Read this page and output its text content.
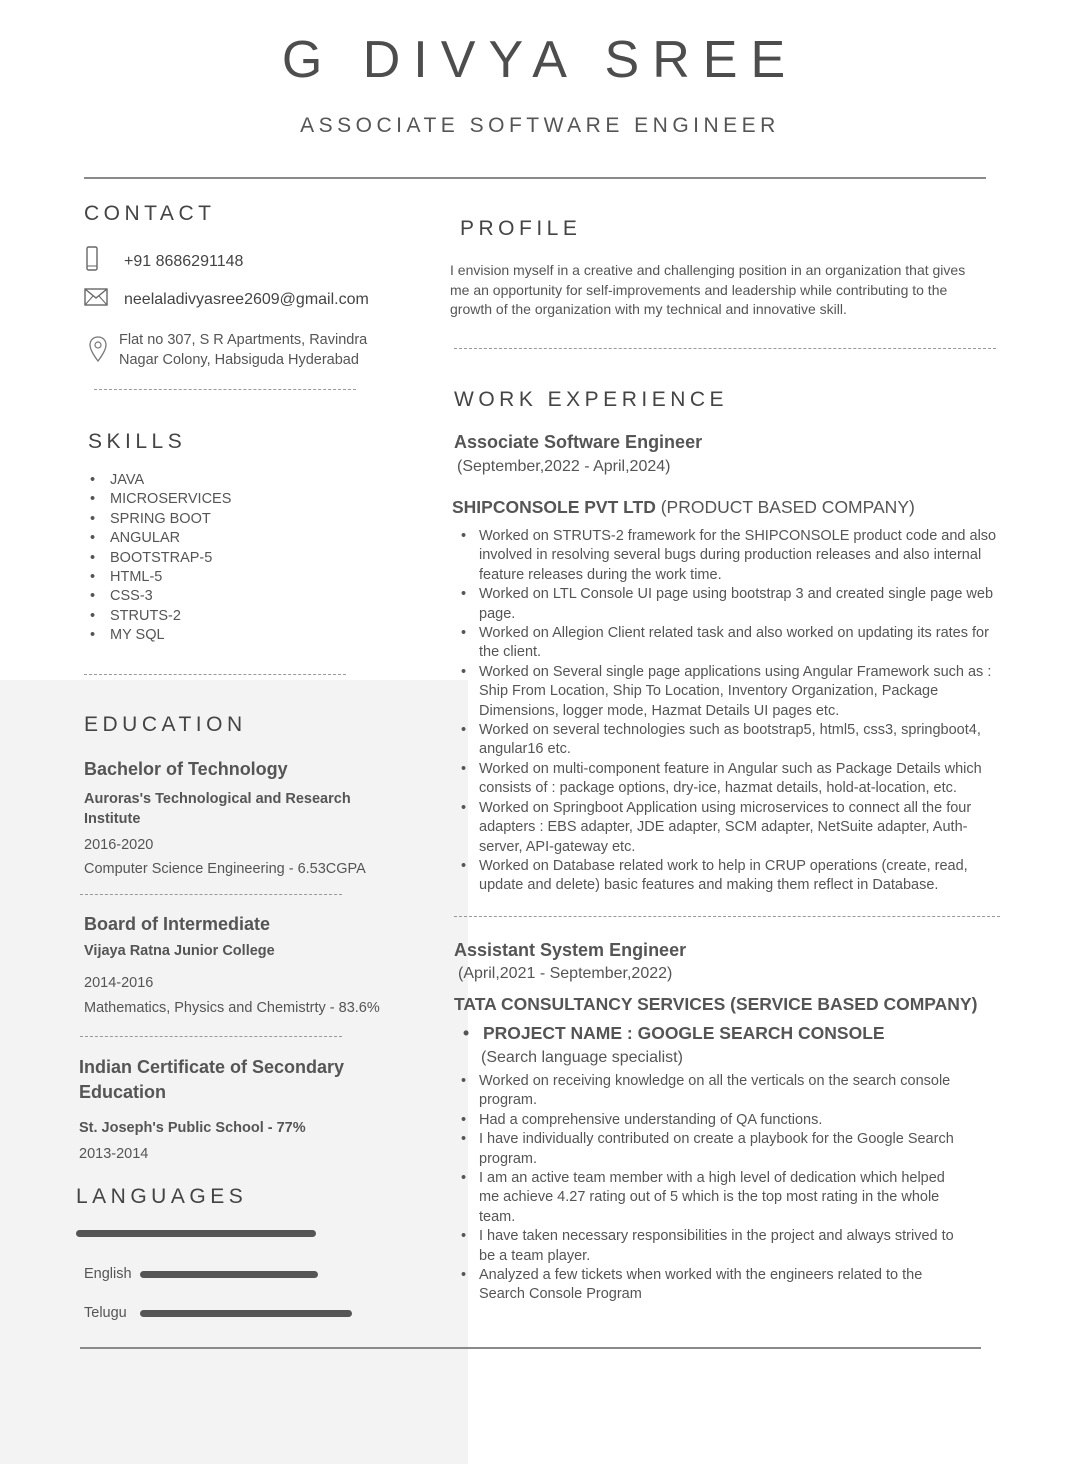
G DIVYA SREE
ASSOCIATE SOFTWARE ENGINEER
CONTACT
+91 8686291148
neelaladivyasree2609@gmail.com
Flat no 307, S R Apartments, Ravindra
Nagar Colony, Habsiguda Hyderabad
SKILLS
• JAVA
• MICROSERVICES
• SPRING BOOT
• ANGULAR
• BOOTSTRAP-5
• HTML-5
• CSS-3
• STRUTS-2
• MY SQL
EDUCATION
Bachelor of Technology
Auroras's Technological and Research
Institute
2016-2020
Computer Science Engineering - 6.53CGPA
Board of Intermediate
Vijaya Ratna Junior College
2014-2016
Mathematics, Physics and Chemistrty - 83.6%
Indian Certificate of Secondary
Education
St. Joseph's Public School - 77%
2013-2014
LANGUAGES
English
Telugu
PROFILE
I envision myself in a creative and challenging position in an organization that gives
me an opportunity for self-improvements and leadership while contributing to the
growth of the organization with my technical and innovative skill.
WORK EXPERIENCE
Associate Software Engineer
(September,2022 - April,2024)
SHIPCONSOLE PVT LTD (PRODUCT BASED COMPANY)
• Worked on STRUTS-2 framework for the SHIPCONSOLE product code and also
involved in resolving several bugs during production releases and also internal
feature releases during the work time.
• Worked on LTL Console UI page using bootstrap 3 and created single page web
page.
• Worked on Allegion Client related task and also worked on updating its rates for
the client.
• Worked on Several single page applications using Angular Framework such as :
Ship From Location, Ship To Location, Inventory Organization, Package
Dimensions, logger mode, Hazmat Details UI pages etc.
• Worked on several technologies such as bootstrap5, html5, css3, springboot4,
angular16 etc.
• Worked on multi-component feature in Angular such as Package Details which
consists of : package options, dry-ice, hazmat details, hold-at-location, etc.
• Worked on Springboot Application using microservices to connect all the four
adapters : EBS adapter, JDE adapter, SCM adapter, NetSuite adapter, Auth-
server, API-gateway etc.
• Worked on Database related work to help in CRUP operations (create, read,
update and delete) basic features and making them reflect in Database.
Assistant System Engineer
(April,2021 - September,2022)
TATA CONSULTANCY SERVICES (SERVICE BASED COMPANY)
• PROJECT NAME : GOOGLE SEARCH CONSOLE
(Search language specialist)
• Worked on receiving knowledge on all the verticals on the search console
program.
• Had a comprehensive understanding of QA functions.
• I have individually contributed on create a playbook for the Google Search
program.
• I am an active team member with a high level of dedication which helped
me achieve 4.27 rating out of 5 which is the top most rating in the whole
team.
• I have taken necessary responsibilities in the project and always strived to
be a team player.
• Analyzed a few tickets when worked with the engineers related to the
Search Console Program
